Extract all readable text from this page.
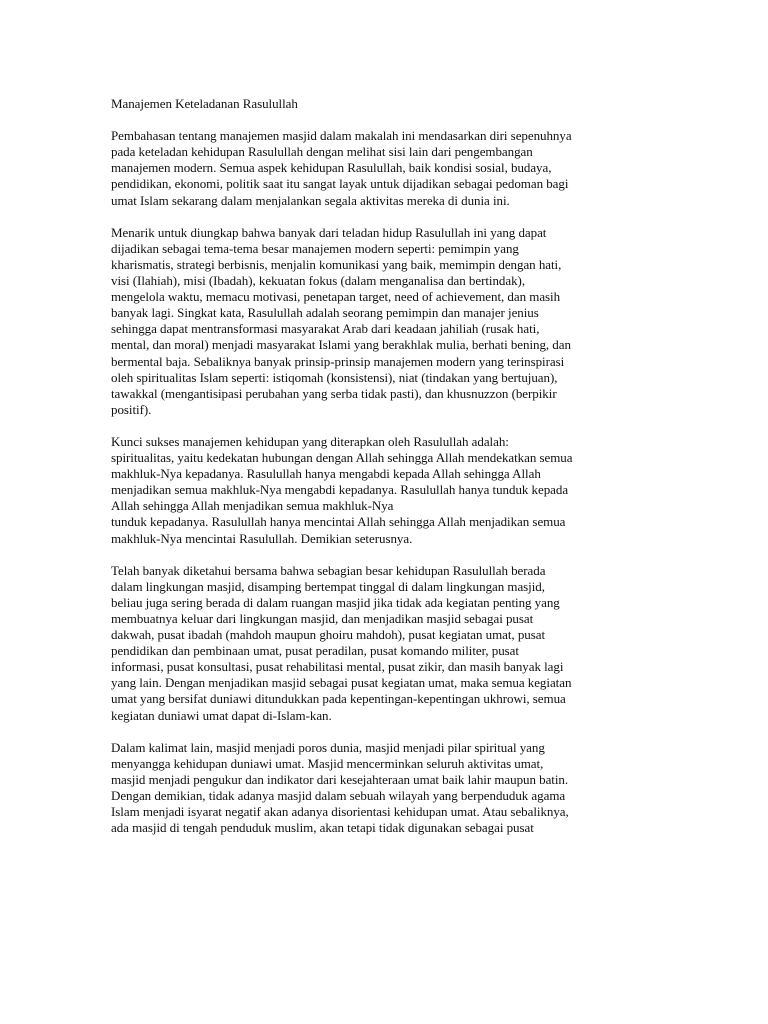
Manajemen Keteladanan Rasulullah

Pembahasan tentang manajemen masjid dalam makalah ini mendasarkan diri sepenuhnya
pada keteladan kehidupan Rasulullah dengan melihat sisi lain dari pengembangan
manajemen modern. Semua aspek kehidupan Rasulullah, baik kondisi sosial, budaya,
pendidikan, ekonomi, politik saat itu sangat layak untuk dijadikan sebagai pedoman bagi
umat Islam sekarang dalam menjalankan segala aktivitas mereka di dunia ini.

Menarik untuk diungkap bahwa banyak dari teladan hidup Rasulullah ini yang dapat
dijadikan sebagai tema-tema besar manajemen modern seperti: pemimpin yang
kharismatis, strategi berbisnis, menjalin komunikasi yang baik, memimpin dengan hati,
visi (Ilahiah), misi (Ibadah), kekuatan fokus (dalam menganalisa dan bertindak),
mengelola waktu, memacu motivasi, penetapan target, need of achievement, dan masih
banyak lagi. Singkat kata, Rasulullah adalah seorang pemimpin dan manajer jenius
sehingga dapat mentransformasi masyarakat Arab dari keadaan jahiliah (rusak hati,
mental, dan moral) menjadi masyarakat Islami yang berakhlak mulia, berhati bening, dan
bermental baja. Sebaliknya banyak prinsip-prinsip manajemen modern yang terinspirasi
oleh spiritualitas Islam seperti: istiqomah (konsistensi), niat (tindakan yang bertujuan),
tawakkal (mengantisipasi perubahan yang serba tidak pasti), dan khusnuzzon (berpikir
positif).

Kunci sukses manajemen kehidupan yang diterapkan oleh Rasulullah adalah:
spiritualitas, yaitu kedekatan hubungan dengan Allah sehingga Allah mendekatkan semua
makhluk-Nya kepadanya. Rasulullah hanya mengabdi kepada Allah sehingga Allah
menjadikan semua makhluk-Nya mengabdi kepadanya. Rasulullah hanya tunduk kepada
Allah sehingga Allah menjadikan semua makhluk-Nya
tunduk kepadanya. Rasulullah hanya mencintai Allah sehingga Allah menjadikan semua
makhluk-Nya mencintai Rasulullah. Demikian seterusnya.

Telah banyak diketahui bersama bahwa sebagian besar kehidupan Rasulullah berada
dalam lingkungan masjid, disamping bertempat tinggal di dalam lingkungan masjid,
beliau juga sering berada di dalam ruangan masjid jika tidak ada kegiatan penting yang
membuatnya keluar dari lingkungan masjid, dan menjadikan masjid sebagai pusat
dakwah, pusat ibadah (mahdoh maupun ghoiru mahdoh), pusat kegiatan umat, pusat
pendidikan dan pembinaan umat, pusat peradilan, pusat komando militer, pusat
informasi, pusat konsultasi, pusat rehabilitasi mental, pusat zikir, dan masih banyak lagi
yang lain. Dengan menjadikan masjid sebagai pusat kegiatan umat, maka semua kegiatan
umat yang bersifat duniawi ditundukkan pada kepentingan-kepentingan ukhrowi, semua
kegiatan duniawi umat dapat di-Islam-kan.

Dalam kalimat lain, masjid menjadi poros dunia, masjid menjadi pilar spiritual yang
menyangga kehidupan duniawi umat. Masjid mencerminkan seluruh aktivitas umat,
masjid menjadi pengukur dan indikator dari kesejahteraan umat baik lahir maupun batin.
Dengan demikian, tidak adanya masjid dalam sebuah wilayah yang berpenduduk agama
Islam menjadi isyarat negatif akan adanya disorientasi kehidupan umat. Atau sebaliknya,
ada masjid di tengah penduduk muslim, akan tetapi tidak digunakan sebagai pusat
